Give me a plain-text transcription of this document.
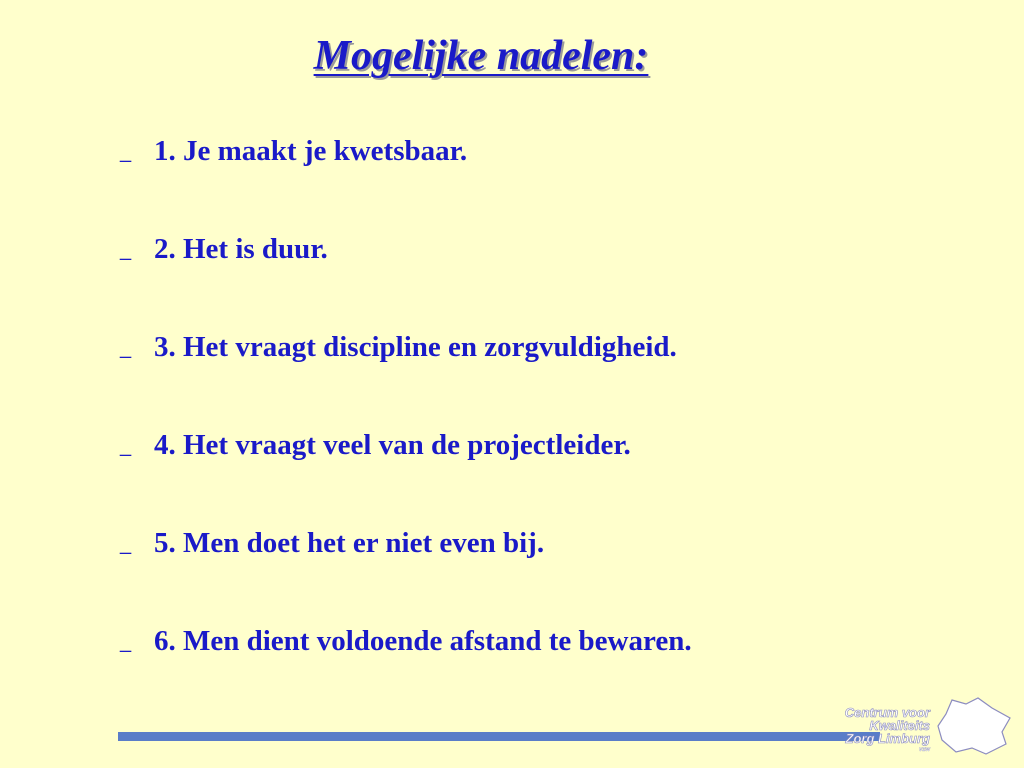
Mogelijke nadelen:
_ 1. Je maakt je kwetsbaar.
_ 2. Het is duur.
_ 3. Het vraagt discipline en zorgvuldigheid.
_ 4. Het vraagt veel van de projectleider.
_ 5. Men doet het er niet even bij.
_ 6. Men dient voldoende afstand te bewaren.
Centrum voor
Kwaliteits
Zorg Limburg
vzw
